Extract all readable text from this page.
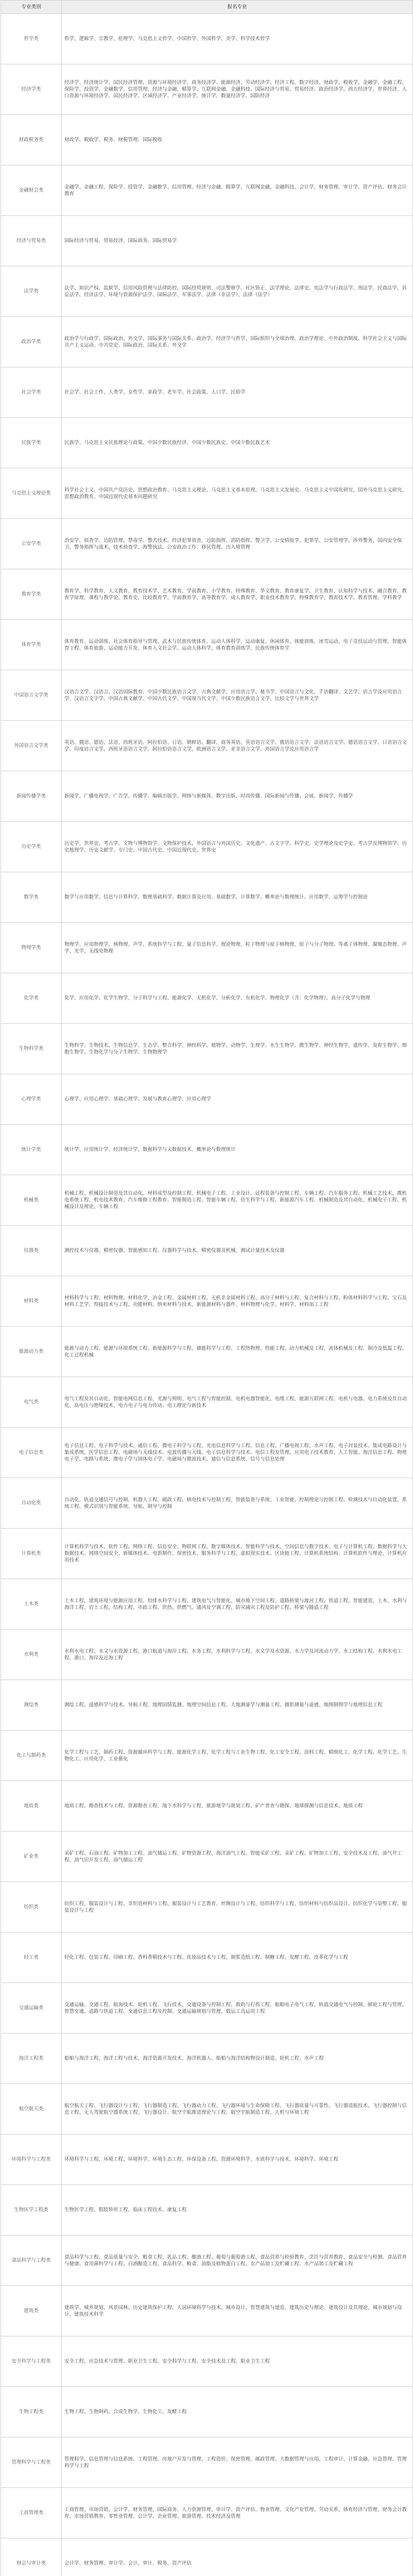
专业类别	报名专业
哲学类	哲学、逻辑学、宗教学、伦理学、马克思主义哲学、中国哲学、外国哲学、美学、科学技术哲学
经济学类	经济学、经济统计学、国民经济管理、资源与环境经济学、商务经济学、能源经济、劳动经济学、经济工程、数字经济、财政学、税收学、金融学、金融工程、保险学、投资学、金融数学、信用管理、经济与金融、精算学、互联网金融、金融科技、国际经济与贸易、贸易经济、政治经济学、西方经济学、世界经济、人口资源与环境经济学、国民经济学、区域经济学、产业经济学、统计学、数量经济学、国防经济
财政税务类	财政学、税收学、税务、财税管理、国际税收
金融财会类	金融学、金融工程、保险学、投资学、金融数学、信用管理、经济与金融、精算学、互联网金融、金融科技、会计学、财务管理、审计学、资产评估、财务会计教育
经济与贸易类	国际经济与贸易、贸易经济、国际商务、国际贸易学
法学类	法学、知识产权、监狱学、信用风险管理与法律防控、国际经贸规则、司法警察学、社区矫正、法学理论、法律史、宪法学与行政法学、刑法学、民商法学、诉讼法学、经济法学、环境与资源保护法学、国际法学、军事法学、法律（非法学）、法律（法学）
政治学类	政治学与行政学、国际政治、外交学、国际事务与国际关系、政治学、经济学与哲学、国际组织与全球治理、政治学理论、中外政治制度、科学社会主义与国际共产主义运动、中共党史、国际政治、国际关系、外交学
社会学类	社会学、社会工作、人类学、女性学、家政学、老年学、社会政策、人口学、民俗学
民族学类	民族学、马克思主义民族理论与政策、中国少数民族经济、中国少数民族史、中国少数民族艺术
马克思主义理论类	科学社会主义、中国共产党历史、思想政治教育、马克思主义理论、马克思主义基本原理、马克思主义发展史、马克思主义中国化研究、国外马克思主义研究、思想政治教育、中国近现代史基本问题研究
公安学类	治安学、侦查学、边防管理、禁毒学、警犬技术、经济犯罪侦查、边防指挥、消防指挥、警卫学、公安情报学、犯罪学、公安管理学、涉外警务、国内安全保卫、警务指挥与战术、技术侦查学、海警执法、公安政治工作、移民管理、出入境管理
教育学类	教育学、科学教育、人文教育、教育技术学、艺术教育、学前教育、小学教育、特殊教育、华文教育、教育康复学、卫生教育、认知科学与技术、融合教育、教育学原理、课程与教学论、教育史、比较教育学、学前教育学、高等教育学、成人教育学、职业技术教育学、特殊教育学、教育技术学、教育管理、学科教学
体育学类	体育教育、运动训练、社会体育指导与管理、武术与民族传统体育、运动人体科学、运动康复、休闲体育、体能训练、冰雪运动、电子竞技运动与管理、智能体育工程、体育旅游、运动能力开发、体育人文社会学、运动人体科学、体育教育训练学、民族传统体育学
中国语言文学类	汉语言文学、汉语言、汉语国际教育、中国少数民族语言文学、古典文献学、应用语言学、秘书学、中国语言与文化、手语翻译、文艺学、语言学及应用语言学、汉语言文字学、中国古典文献学、中国古代文学、中国现当代文学、中国少数民族语言文学、比较文学与世界文学
外国语言文学类	英语、俄语、德语、法语、西班牙语、阿拉伯语、日语、朝鲜语、翻译、商务英语、英语语言文学、俄语语言文学、法语语言文学、德语语言文学、日语语言文学、印度语言文学、西班牙语语言文学、阿拉伯语语言文学、欧洲语言文学、亚非语言文学、外国语言学及应用语言学
新闻传播学类	新闻学、广播电视学、广告学、传播学、编辑出版学、网络与新媒体、数字出版、时尚传播、国际新闻与传播、会展、新闻学、传播学
历史学类	历史学、世界史、考古学、文物与博物馆学、文物保护技术、外国语言与外国历史、文化遗产、古文字学、科学史、史学理论及史学史、考古学及博物馆学、历史地理学、历史文献学、专门史、中国古代史、中国近现代史、世界史
数学类	数学与应用数学、信息与计算科学、数理基础科学、数据计算及应用、基础数学、计算数学、概率论与数理统计、应用数学、运筹学与控制论
物理学类	物理学、应用物理学、核物理、声学、系统科学与工程、量子信息科学、理论物理、粒子物理与原子核物理、原子与分子物理、等离子体物理、凝聚态物理、声学、光学、无线电物理
化学类	化学、应用化学、化学生物学、分子科学与工程、能源化学、无机化学、分析化学、有机化学、物理化学（含：化学物理）、高分子化学与物理
生物科学类	生物科学、生物技术、生物信息学、生态学、整合科学、神经科学、植物学、动物学、生理学、水生生物学、微生物学、神经生物学、遗传学、发育生物学、细胞生物学、生物化学与分子生物学、生物物理学
心理学类	心理学、应用心理学、基础心理学、发展与教育心理学、应用心理学
统计学类	统计学、应用统计学、经济统计学、数据科学与大数据技术、概率论与数理统计
机械类	机械工程、机械设计制造及其自动化、材料成型及控制工程、机械电子工程、工业设计、过程装备与控制工程、车辆工程、汽车服务工程、机械工艺技术、微机电系统工程、机电技术教育、汽车维修工程教育、智能制造工程、智能车辆工程、仿生科学与工程、新能源汽车工程、机械制造及其自动化、机械电子工程、机械设计及理论、车辆工程
仪器类	测控技术与仪器、精密仪器、智能感知工程、仪器科学与技术、精密仪器及机械、测试计量技术及仪器
材料类	材料科学与工程、材料物理、材料化学、冶金工程、金属材料工程、无机非金属材料工程、高分子材料与工程、复合材料与工程、粉体材料科学与工程、宝石及材料工艺学、焊接技术与工程、功能材料、纳米材料与技术、新能源材料与器件、材料物理与化学、材料学、材料加工工程
能源动力类	能源与动力工程、能源与环境系统工程、新能源科学与工程、储能科学与工程、工程热物理、热能工程、动力机械及工程、流体机械及工程、制冷及低温工程、化工过程机械
电气类	电气工程及其自动化、智能电网信息工程、光源与照明、电气工程与智能控制、电机电器智能化、电缆工程、能源互联网工程、电机与电器、电力系统及其自动化、高电压与绝缘技术、电力电子与电力传动、电工理论与新技术
电子信息类	电子信息工程、电子科学与技术、通信工程、微电子科学与工程、光电信息科学与工程、信息工程、广播电视工程、水声工程、电子封装技术、集成电路设计与集成系统、医学信息工程、电磁场与无线技术、电波传播与天线、电子信息科学与技术、电信工程及管理、应用电子技术教育、人工智能、海洋信息工程、物理电子学、电路与系统、微电子学与固体电子学、电磁场与微波技术、通信与信息系统、信号与信息处理
自动化类	自动化、轨道交通信号与控制、机器人工程、邮政工程、核电技术与控制工程、智能装备与系统、工业智能、控制理论与控制工程、检测技术与自动化装置、系统工程、模式识别与智能系统、导航、制导与控制
计算机类	计算机科学与技术、软件工程、网络工程、信息安全、物联网工程、数字媒体技术、智能科学与技术、空间信息与数字技术、电子与计算机工程、数据科学与大数据技术、网络空间安全、新媒体技术、电影制作、保密技术、服务科学与工程、虚拟现实技术、区块链工程、计算机系统结构、计算机软件与理论、计算机应用技术
土木类	土木工程、建筑环境与能源应用工程、给排水科学与工程、建筑电气与智能化、城市地下空间工程、道路桥梁与渡河工程、铁道工程、智能建造、土木、水利与海洋工程、岩土工程、结构工程、市政工程、供热、供燃气、通风及空调工程、防灾减灾工程及防护工程、桥梁与隧道工程
水利类	水利水电工程、水文与水资源工程、港口航道与海岸工程、水务工程、水利科学与工程、水文学及水资源、水力学及河流动力学、水工结构工程、水利水电工程、港口、海岸及近海工程
测绘类	测绘工程、遥感科学与技术、导航工程、地理国情监测、地理空间信息工程、大地测量学与测量工程、摄影测量与遥感、地图制图学与地理信息工程
化工与制药类	化学工程与工艺、制药工程、资源循环科学与工程、能源化学工程、化学工程与工业生物工程、化工安全工程、涂料工程、精细化工、化学工程、化学工艺、生物化工、应用化学、工业催化
地质类	地质工程、勘查技术与工程、资源勘查工程、地下水科学与工程、旅游地学与规划工程、矿产普查与勘探、地球探测与信息技术、地质工程
矿业类	采矿工程、石油工程、矿物加工工程、油气储运工程、矿物资源工程、海洋油气工程、智能采矿工程、采矿工程、矿物加工工程、安全技术及工程、油气井工程、油气田开发工程、油气储运工程
纺织类	纺织工程、服装设计与工程、非织造材料与工程、服装设计与工艺教育、丝绸设计与工程、纺织科学与工程、纺织材料与纺织品设计、纺织化学与染整工程、服装设计与工程
轻工类	轻化工程、包装工程、印刷工程、香料香精技术与工程、化妆品技术与工程、制浆造纸工程、制糖工程、发酵工程、皮革化学与工程
交通运输类	交通运输、交通工程、航海技术、轮机工程、飞行技术、交通设备与控制工程、救助与打捞工程、船舶电子电气工程、轨道交通电气与控制、邮轮工程与管理、智慧交通、道路与铁道工程、交通信息工程及控制、交通运输规划与管理、载运工具运用工程
海洋工程类	船舶与海洋工程、海洋工程与技术、海洋资源开发技术、海洋机器人、船舶与海洋结构物设计制造、轮机工程、水声工程
航空航天类	航空航天工程、飞行器设计与工程、飞行器制造工程、飞行器动力工程、飞行器环境与生命保障工程、飞行器质量与可靠性、飞行器适航技术、飞行器控制与信息工程、无人驾驶航空器系统工程、飞行器设计、航空宇航推进理论与工程、航空宇航制造工程、人机与环境工程
环境科学与工程类	环境科学与工程、环境工程、环境科学、环境生态工程、环保设备工程、资源环境科学、水质科学与技术、环境科学、环境工程
生物医学工程类	生物医学工程、假肢矫形工程、临床工程技术、康复工程
食品科学与工程类	食品科学与工程、食品质量与安全、粮食工程、乳品工程、酿酒工程、葡萄与葡萄酒工程、食品营养与检验教育、烹饪与营养教育、食品安全与检测、食品营养与健康、食用菌科学与工程、白酒酿造工程、食品科学、粮食、油脂及植物蛋白工程、农产品加工及贮藏工程、水产品加工及贮藏工程
建筑类	建筑学、城乡规划、风景园林、历史建筑保护工程、人居环境科学与技术、城市设计、智慧建筑与建造、建筑历史与理论、建筑设计及其理论、城市规划与设计、建筑技术科学
安全科学与工程类	安全工程、应急技术与管理、职业卫生工程、安全科学与工程、安全技术及工程、职业卫生工程
生物工程类	生物工程、生物制药、合成生物学、生物化工、发酵工程
管理科学与工程类	管理科学、信息管理与信息系统、工程管理、房地产开发与管理、工程造价、保密管理、邮政管理、大数据管理与应用、工程审计、计算金融、应急管理、管理科学与工程
工商管理类	工商管理、市场营销、会计学、财务管理、国际商务、人力资源管理、审计学、资产评估、物业管理、文化产业管理、劳动关系、体育经济与管理、财务会计教育、市场营销教育、零售业管理、会计学、企业管理、旅游管理、技术经济及管理
财会与审计类	会计学、财务管理、审计学、会计、审计、税务、资产评估
